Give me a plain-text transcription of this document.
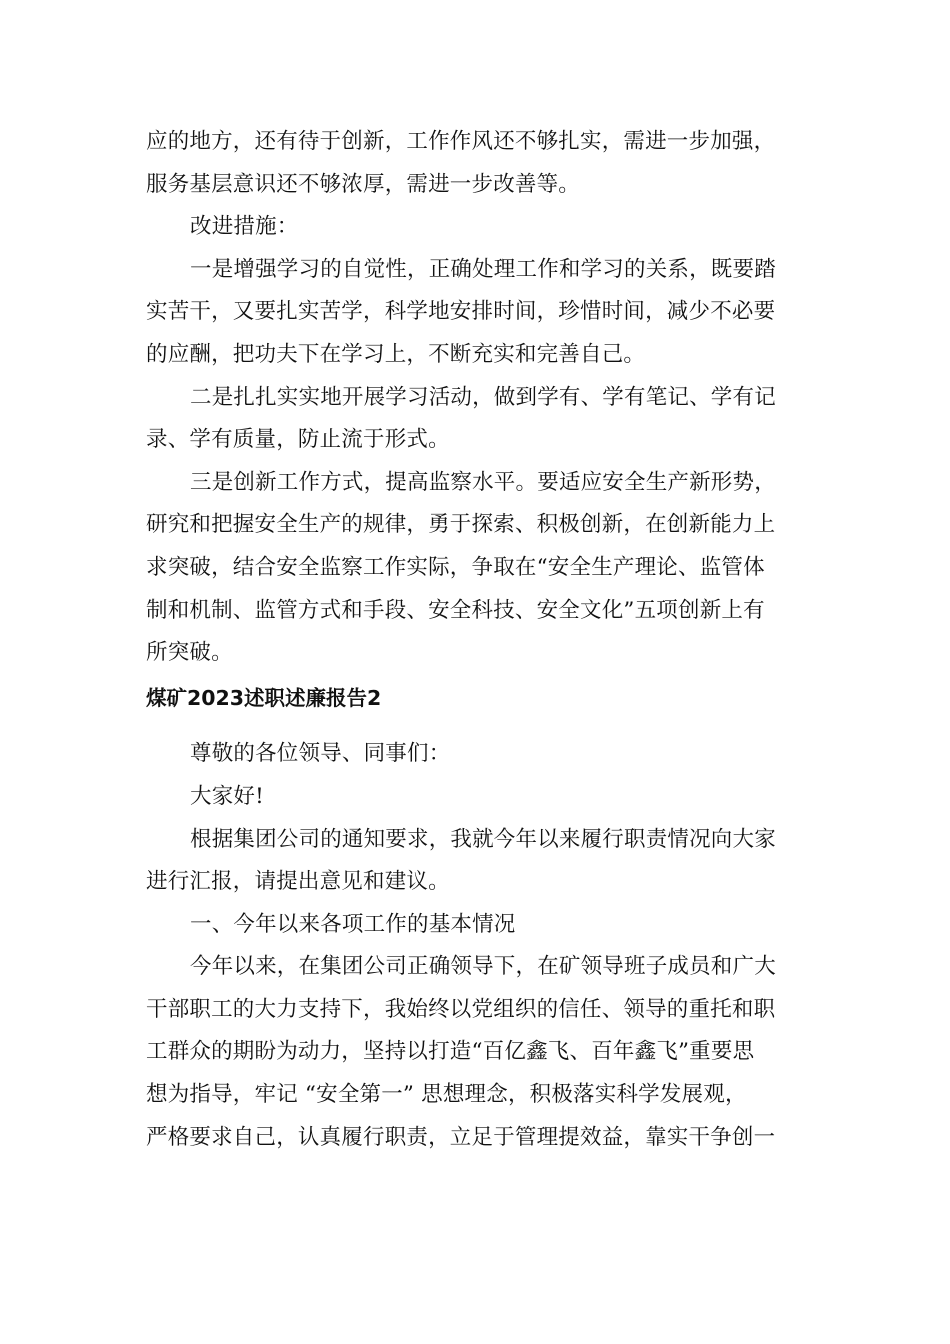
应的地方，还有待于创新，工作作风还不够扎实，需进一步加强，
服务基层意识还不够浓厚，需进一步改善等。
改进措施：
一是增强学习的自觉性，正确处理工作和学习的关系，既要踏
实苦干，又要扎实苦学，科学地安排时间，珍惜时间，减少不必要
的应酬，把功夫下在学习上，不断充实和完善自己。
二是扎扎实实地开展学习活动，做到学有、学有笔记、学有记
录、学有质量，防止流于形式。
三是创新工作方式，提高监察水平。要适应安全生产新形势，
研究和把握安全生产的规律，勇于探索、积极创新，在创新能力上
求突破，结合安全监察工作实际，争取在“安全生产理论、监管体
制和机制、监管方式和手段、安全科技、安全文化”五项创新上有
所突破。
煤矿2023述职述廉报告2
尊敬的各位领导、同事们：
大家好!
根据集团公司的通知要求，我就今年以来履行职责情况向大家
进行汇报，请提出意见和建议。
一、今年以来各项工作的基本情况
今年以来，在集团公司正确领导下，在矿领导班子成员和广大
干部职工的大力支持下，我始终以党组织的信任、领导的重托和职
工群众的期盼为动力，坚持以打造“百亿鑫飞、百年鑫飞”重要思
想为指导，牢记 “安全第一” 思想理念，积极落实科学发展观，
严格要求自己，认真履行职责，立足于管理提效益，靠实干争创一
